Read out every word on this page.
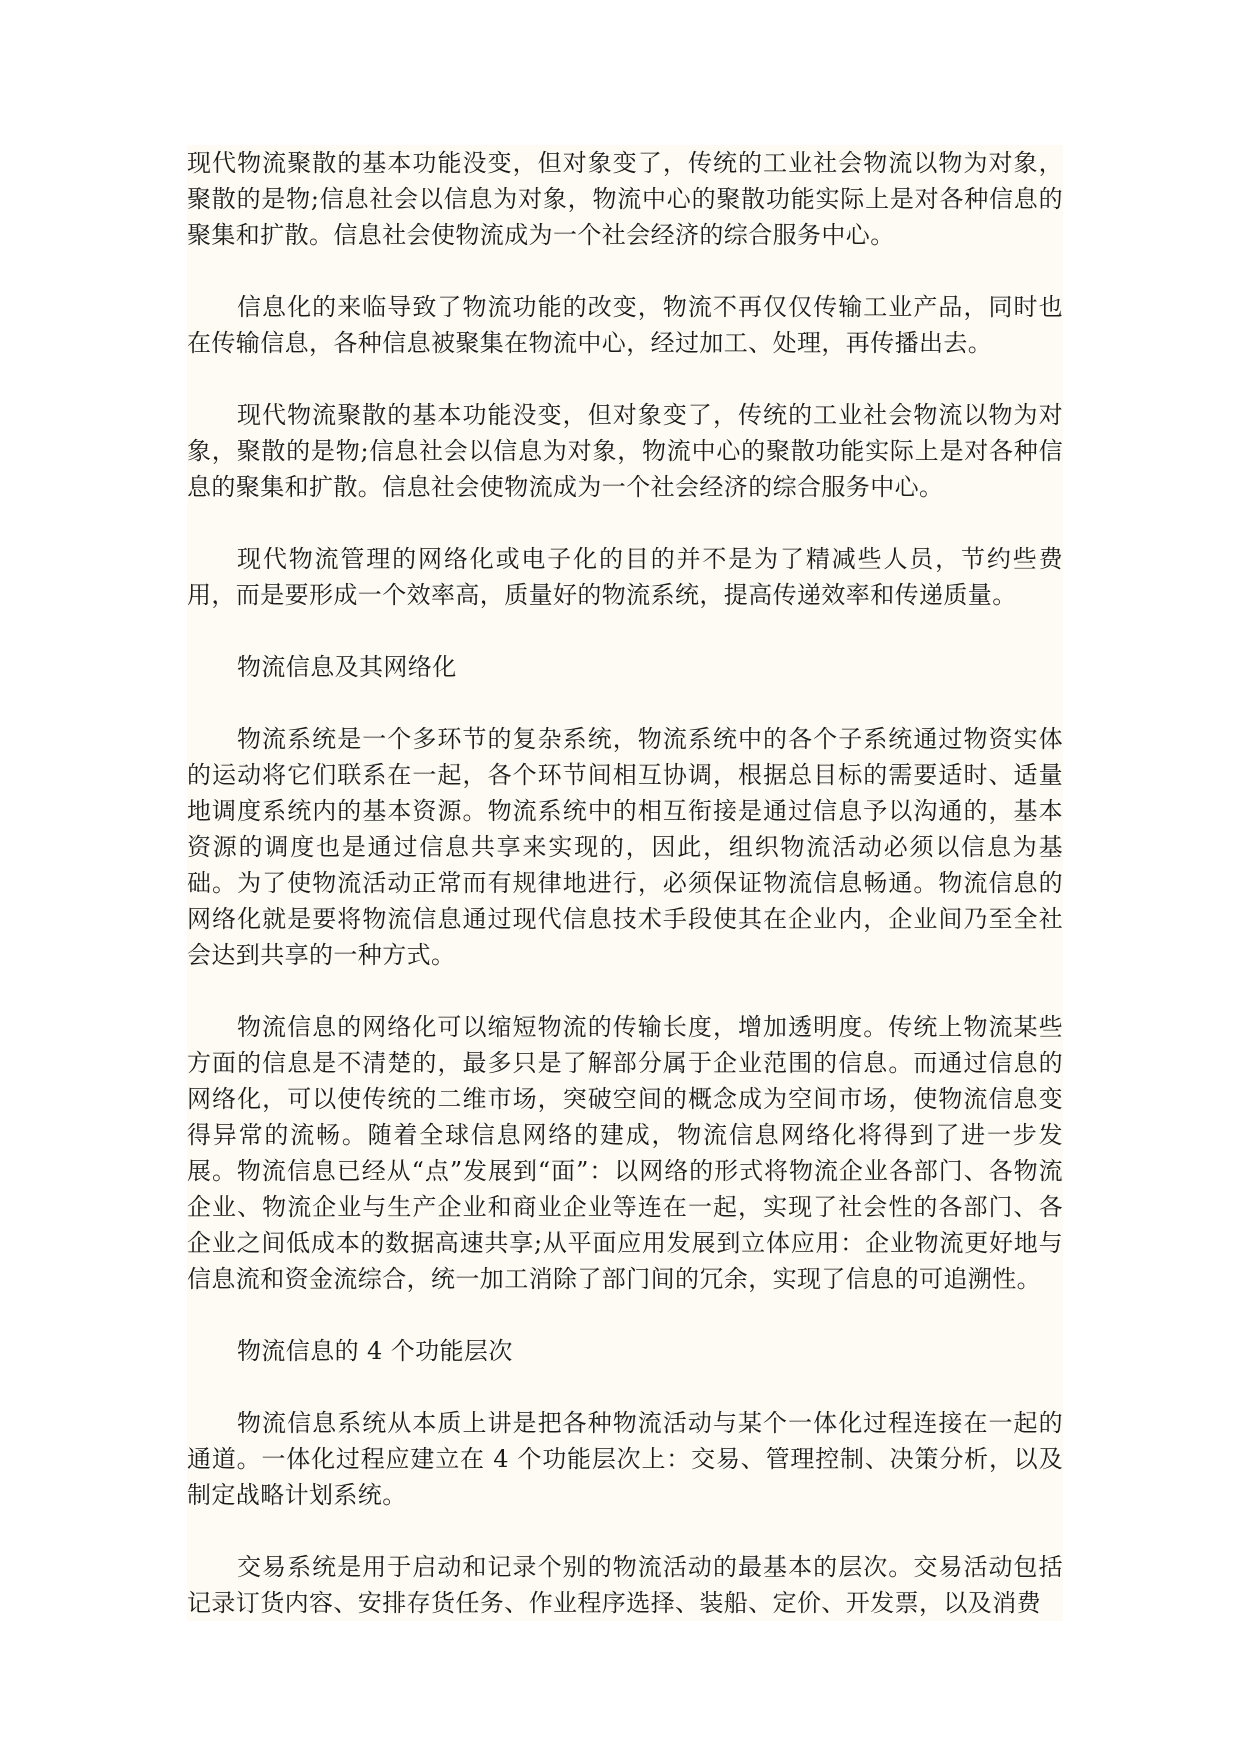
现代物流聚散的基本功能没变，但对象变了，传统的工业社会物流以物为对象，聚散的是物;信息社会以信息为对象，物流中心的聚散功能实际上是对各种信息的聚集和扩散。信息社会使物流成为一个社会经济的综合服务中心。

信息化的来临导致了物流功能的改变，物流不再仅仅传输工业产品，同时也在传输信息，各种信息被聚集在物流中心，经过加工、处理，再传播出去。

现代物流聚散的基本功能没变，但对象变了，传统的工业社会物流以物为对象，聚散的是物;信息社会以信息为对象，物流中心的聚散功能实际上是对各种信息的聚集和扩散。信息社会使物流成为一个社会经济的综合服务中心。

现代物流管理的网络化或电子化的目的并不是为了精减些人员，节约些费用，而是要形成一个效率高，质量好的物流系统，提高传递效率和传递质量。

物流信息及其网络化

物流系统是一个多环节的复杂系统，物流系统中的各个子系统通过物资实体的运动将它们联系在一起，各个环节间相互协调，根据总目标的需要适时、适量地调度系统内的基本资源。物流系统中的相互衔接是通过信息予以沟通的，基本资源的调度也是通过信息共享来实现的，因此，组织物流活动必须以信息为基础。为了使物流活动正常而有规律地进行，必须保证物流信息畅通。物流信息的网络化就是要将物流信息通过现代信息技术手段使其在企业内，企业间乃至全社会达到共享的一种方式。

物流信息的网络化可以缩短物流的传输长度，增加透明度。传统上物流某些方面的信息是不清楚的，最多只是了解部分属于企业范围的信息。而通过信息的网络化，可以使传统的二维市场，突破空间的概念成为空间市场，使物流信息变得异常的流畅。随着全球信息网络的建成，物流信息网络化将得到了进一步发展。物流信息已经从“点”发展到“面”：以网络的形式将物流企业各部门、各物流企业、物流企业与生产企业和商业企业等连在一起，实现了社会性的各部门、各企业之间低成本的数据高速共享;从平面应用发展到立体应用：企业物流更好地与信息流和资金流综合，统一加工消除了部门间的冗余，实现了信息的可追溯性。

物流信息的 4 个功能层次

物流信息系统从本质上讲是把各种物流活动与某个一体化过程连接在一起的通道。一体化过程应建立在 4 个功能层次上：交易、管理控制、决策分析，以及制定战略计划系统。

交易系统是用于启动和记录个别的物流活动的最基本的层次。交易活动包括记录订货内容、安排存货任务、作业程序选择、装船、定价、开发票，以及消费
